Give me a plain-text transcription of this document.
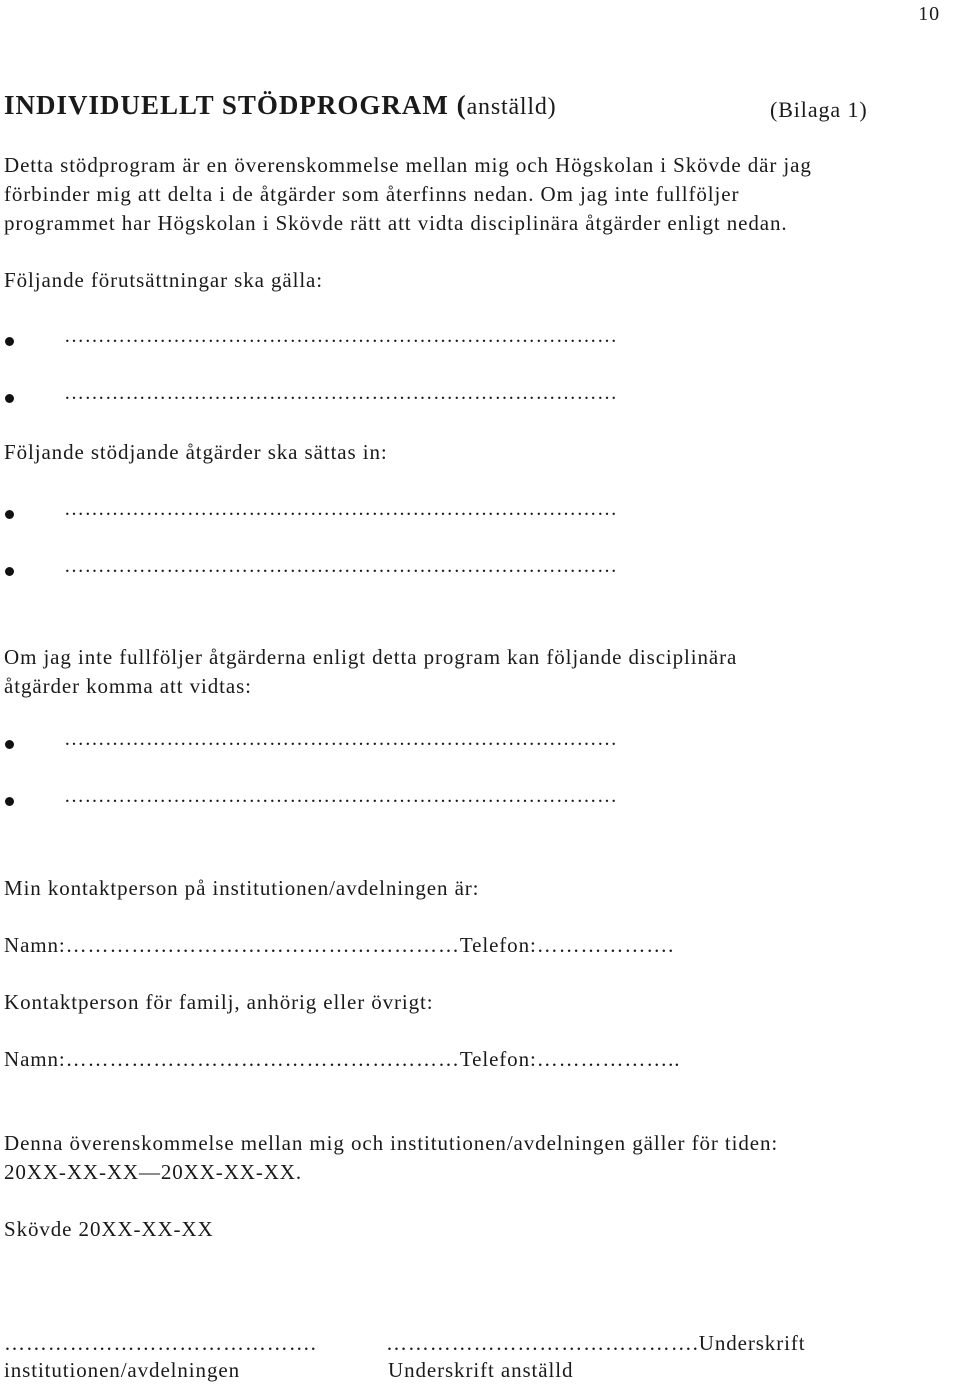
10
INDIVIDUELLT STÖDPROGRAM (anställd)	(Bilaga 1)
Detta stödprogram är en överenskommelse mellan mig och Högskolan i Skövde där jag
förbinder mig att delta i de åtgärder som återfinns nedan. Om jag inte fullföljer
programmet har Högskolan i Skövde rätt att vidta disciplinära åtgärder enligt nedan.
Följande förutsättningar ska gälla:
………………………………………………………………………
………………………………………………………………………
Följande stödjande åtgärder ska sättas in:
………………………………………………………………………
………………………………………………………………………
Om jag inte fullföljer åtgärderna enligt detta program kan följande disciplinära
åtgärder komma att vidtas:
………………………………………………………………………
………………………………………………………………………
Min kontaktperson på institutionen/avdelningen är:
Namn:………………………………………………Telefon:……………….
Kontaktperson för familj, anhörig eller övrigt:
Namn:………………………………………………Telefon:………………..
Denna överenskommelse mellan mig och institutionen/avdelningen gäller för tiden:
20XX-XX-XX—20XX-XX-XX.
Skövde 20XX-XX-XX
…………………………………….
institutionen/avdelningen
…………………………………….Underskrift
Underskrift anställd
